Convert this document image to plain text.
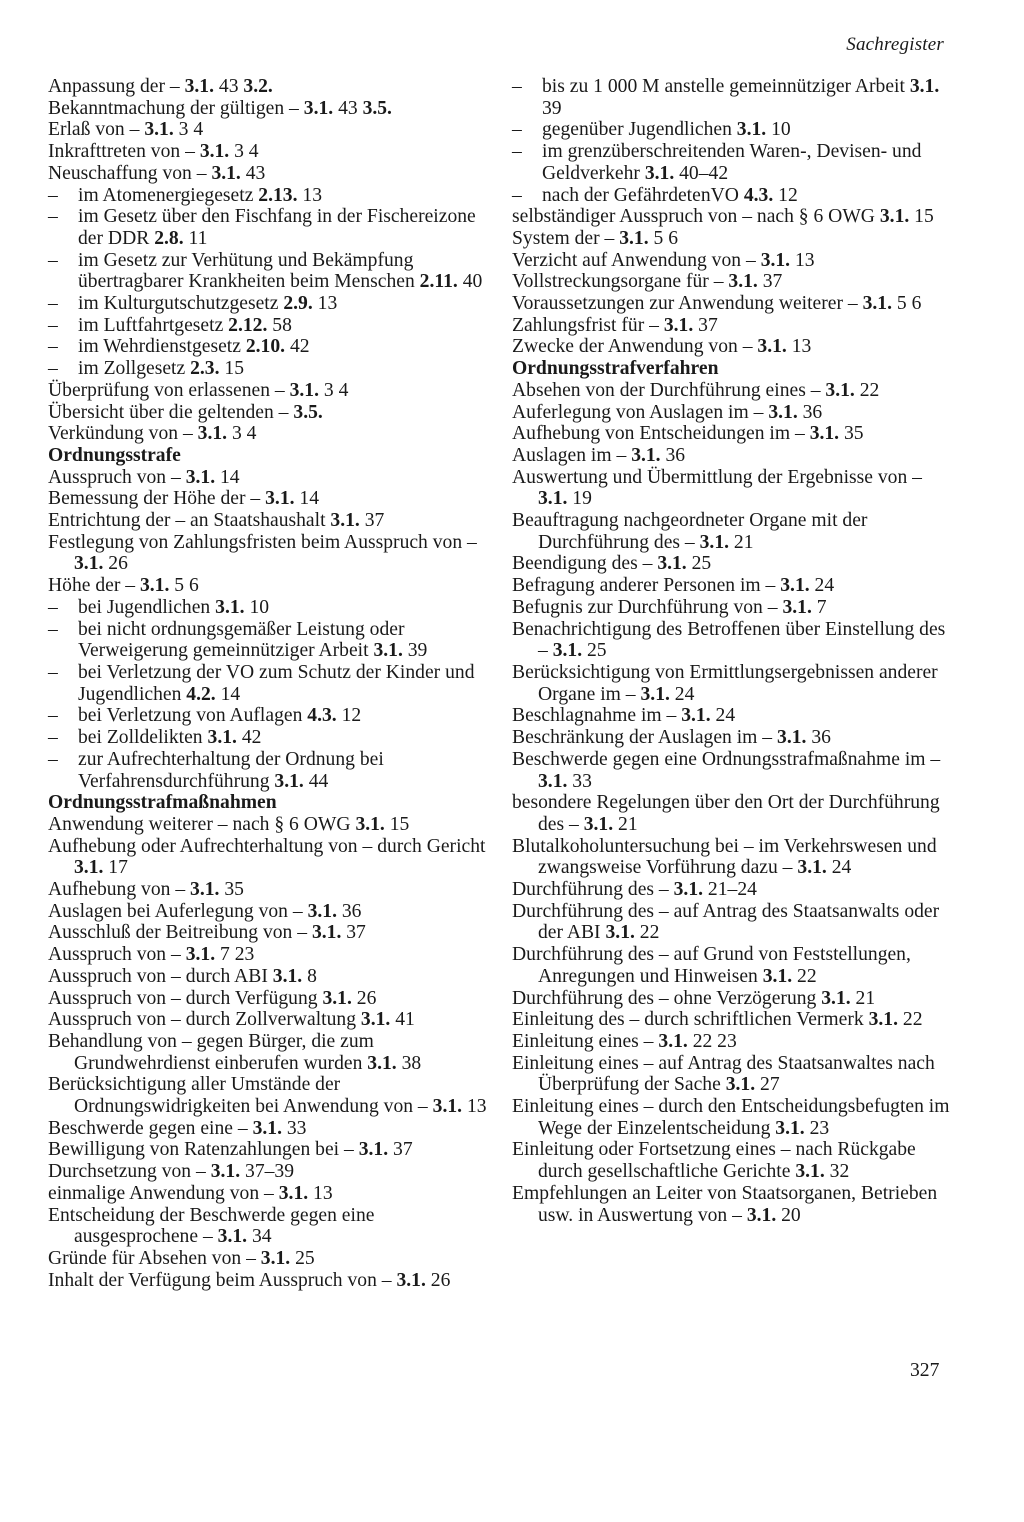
Sachregister
Anpassung der – 3.1. 43 3.2.
Bekanntmachung der gültigen – 3.1. 43 3.5.
Erlaß von – 3.1. 3 4
Inkrafttreten von – 3.1. 3 4
Neuschaffung von – 3.1. 43
– im Atomenergiegesetz 2.13. 13
– im Gesetz über den Fischfang in der Fischereizone der DDR 2.8. 11
– im Gesetz zur Verhütung und Bekämpfung übertragbarer Krankheiten beim Menschen 2.11. 40
– im Kulturgutschutzgesetz 2.9. 13
– im Luftfahrtgesetz 2.12. 58
– im Wehrdienstgesetz 2.10. 42
– im Zollgesetz 2.3. 15
Überprüfung von erlassenen – 3.1. 3 4
Übersicht über die geltenden – 3.5.
Verkündung von – 3.1. 3 4
Ordnungsstrafe
Ausspruch von – 3.1. 14
Bemessung der Höhe der – 3.1. 14
Entrichtung der – an Staatshaushalt 3.1. 37
Festlegung von Zahlungsfristen beim Ausspruch von – 3.1. 26
Höhe der – 3.1. 5 6
– bei Jugendlichen 3.1. 10
– bei nicht ordnungsgemäßer Leistung oder Verweigerung gemeinnütziger Arbeit 3.1. 39
– bei Verletzung der VO zum Schutz der Kinder und Jugendlichen 4.2. 14
– bei Verletzung von Auflagen 4.3. 12
– bei Zolldelikten 3.1. 42
– zur Aufrechterhaltung der Ordnung bei Verfahrensdurchführung 3.1. 44
Ordnungsstrafmaßnahmen
Anwendung weiterer – nach § 6 OWG 3.1. 15
Aufhebung oder Aufrechterhaltung von – durch Gericht 3.1. 17
Aufhebung von – 3.1. 35
Auslagen bei Auferlegung von – 3.1. 36
Ausschluß der Beitreibung von – 3.1. 37
Ausspruch von – 3.1. 7 23
Ausspruch von – durch ABI 3.1. 8
Ausspruch von – durch Verfügung 3.1. 26
Ausspruch von – durch Zollverwaltung 3.1. 41
Behandlung von – gegen Bürger, die zum Grundwehrdienst einberufen wurden 3.1. 38
Berücksichtigung aller Umstände der Ordnungswidrigkeiten bei Anwendung von – 3.1. 13
Beschwerde gegen eine – 3.1. 33
Bewilligung von Ratenzahlungen bei – 3.1. 37
Durchsetzung von – 3.1. 37–39
einmalige Anwendung von – 3.1. 13
Entscheidung der Beschwerde gegen eine ausgesprochene – 3.1. 34
Gründe für Absehen von – 3.1. 25
Inhalt der Verfügung beim Ausspruch von – 3.1. 26
– bis zu 1 000 M anstelle gemeinnütziger Arbeit 3.1. 39
– gegenüber Jugendlichen 3.1. 10
– im grenzüberschreitenden Waren-, Devisen- und Geldverkehr 3.1. 40–42
– nach der GefährdetenVO 4.3. 12
selbständiger Ausspruch von – nach § 6 OWG 3.1. 15
System der – 3.1. 5 6
Verzicht auf Anwendung von – 3.1. 13
Vollstreckungsorgane für – 3.1. 37
Voraussetzungen zur Anwendung weiterer – 3.1. 5 6
Zahlungsfrist für – 3.1. 37
Zwecke der Anwendung von – 3.1. 13
Ordnungsstrafverfahren
Absehen von der Durchführung eines – 3.1. 22
Auferlegung von Auslagen im – 3.1. 36
Aufhebung von Entscheidungen im – 3.1. 35
Auslagen im – 3.1. 36
Auswertung und Übermittlung der Ergebnisse von – 3.1. 19
Beauftragung nachgeordneter Organe mit der Durchführung des – 3.1. 21
Beendigung des – 3.1. 25
Befragung anderer Personen im – 3.1. 24
Befugnis zur Durchführung von – 3.1. 7
Benachrichtigung des Betroffenen über Einstellung des – 3.1. 25
Berücksichtigung von Ermittlungsergebnissen anderer Organe im – 3.1. 24
Beschlagnahme im – 3.1. 24
Beschränkung der Auslagen im – 3.1. 36
Beschwerde gegen eine Ordnungsstrafmaßnahme im – 3.1. 33
besondere Regelungen über den Ort der Durchführung des – 3.1. 21
Blutalkoholuntersuchung bei – im Verkehrswesen und zwangsweise Vorführung dazu – 3.1. 24
Durchführung des – 3.1. 21–24
Durchführung des – auf Antrag des Staatsanwalts oder der ABI 3.1. 22
Durchführung des – auf Grund von Feststellungen, Anregungen und Hinweisen 3.1. 22
Durchführung des – ohne Verzögerung 3.1. 21
Einleitung des – durch schriftlichen Vermerk 3.1. 22
Einleitung eines – 3.1. 22 23
Einleitung eines – auf Antrag des Staatsanwaltes nach Überprüfung der Sache 3.1. 27
Einleitung eines – durch den Entscheidungsbefugten im Wege der Einzelentscheidung 3.1. 23
Einleitung oder Fortsetzung eines – nach Rückgabe durch gesellschaftliche Gerichte 3.1. 32
Empfehlungen an Leiter von Staatsorganen, Betrieben usw. in Auswertung von – 3.1. 20
327
